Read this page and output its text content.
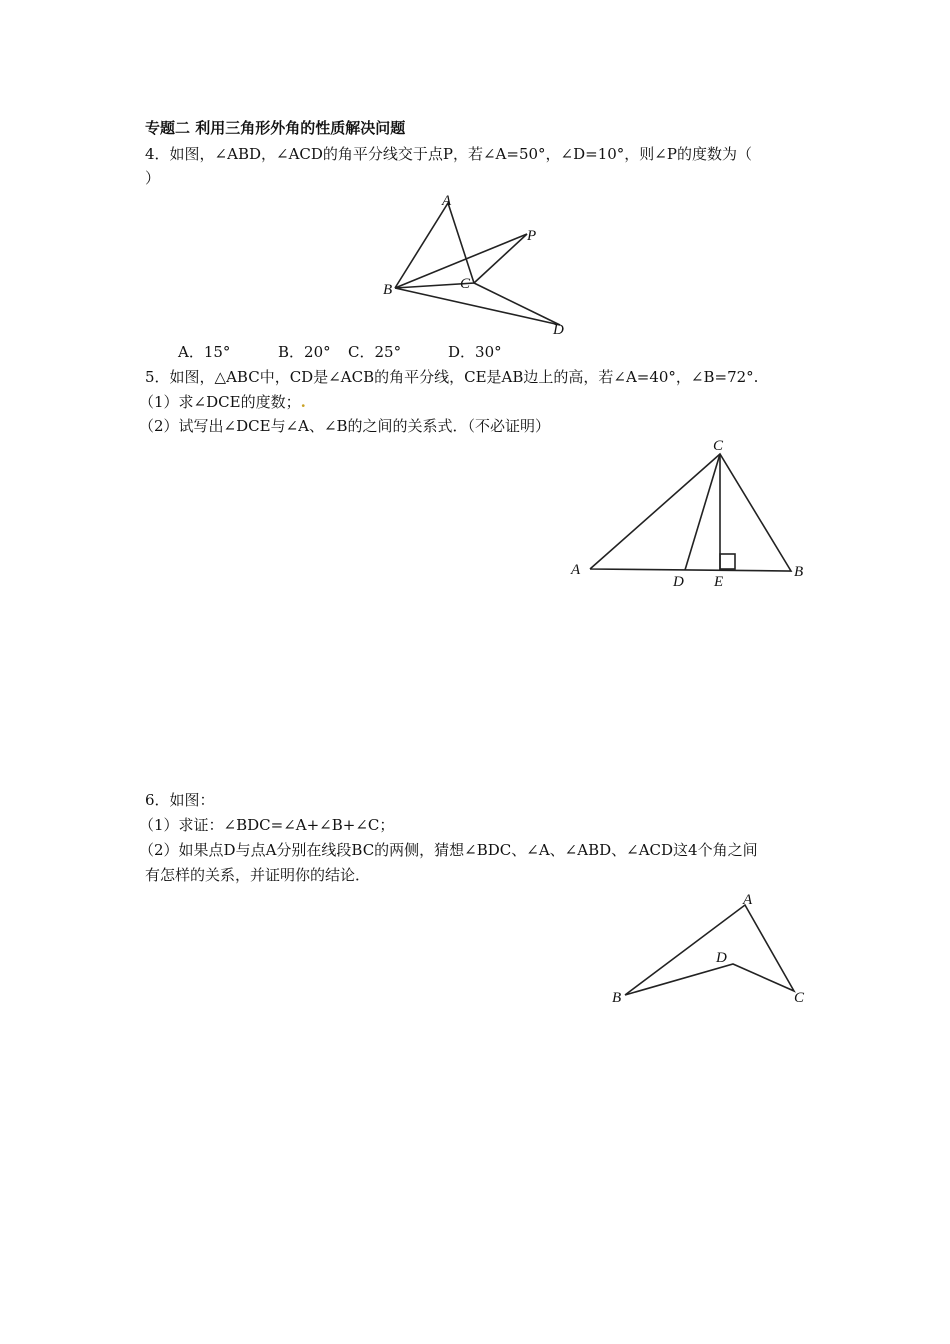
专题二 利用三角形外角的性质解决问题
4．如图，∠ABD，∠ACD的角平分线交于点P，若∠A=50°，∠D=10°，则∠P的度数为（
）
A
B	C
D
P
A．15°	B．20° C．25°	D．30°
5．如图，△ABC中，CD是∠ACB的角平分线，CE是AB边上的高，若∠A=40°，∠B=72°.
（1）求∠DCE的度数；.
（2）试写出∠DCE与∠A、∠B的之间的关系式．（不必证明）
C
A	B
D E
6．如图：
（1）求证：∠BDC=∠A+∠B+∠C；
（2）如果点D与点A分别在线段BC的两侧，猜想∠BDC、∠A、∠ABD、∠ACD这4个角之间
有怎样的关系，并证明你的结论．
A
B	C
D
